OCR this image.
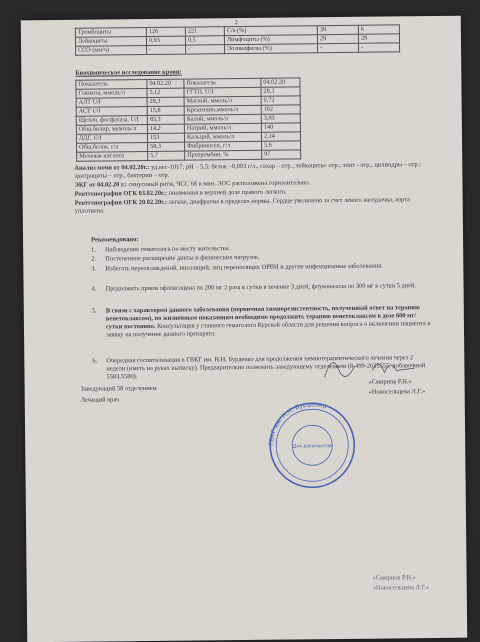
2
Тромбоциты	126	221	С/я (%)	38	6
Лейкоциты	0,93	0,5	Лимфоциты (%)	29	29
СОЭ (мм/ч)	-	-	Эозинофилы (%)	-	-
Биохимическое исследование крови:
Показатель	04.02.20	Показатель	04.02.20
Глюкоза, ммоль/л	5,12	ГГТП, U/I	28,3
АЛТ U/I	28,3	Магний, ммоль/л	0,72
АСТ U/I	15,8	Креатинин,ммоль/л	102
Щелоч. фосфатаза, U/I	83,3	Калий, ммоль/л	3,93
Общ.билир, мкмоль/л	14,2	Натрий, ммоль/л	140
ЛДГ, U/I	153	Кальций, ммоль/л	2,14
Общ.белок, г/л	58,3	Фибриноген, г/л	5,6
Мочевая кислота	5,7	Протромбин, %	97
Анализ мочи от 04.02.20г.: уд.вес-1017; рН – 5,5; белок –0,093 г/л., сахар – отр., лейкоциты- отр.; эпит - отр.; цилиндры – отр.; эритроциты – отр., бактерии – отр.
ЭКГ от 04.02.20 г.: синусовый ритм, ЧСС 68 в мин. ЭОС расположена горизонтально.
Рентгенография ОГК 03.02.20г.: пневмония в верхней доле правого легкого.
Рентгенография ОГК 20.02.20г.: легкие, диафрагма в пределах нормы. Сердце увеличено за счет левого желудочка, аорта уплотнена.
Рекомендовано:
1. Наблюдение гематолога по месту жительства.
2. Постепенное расширение диеты и физических нагрузок.
3. Избегать переохлаждений, инсоляций, лиц переносящих ОРВИ и другие инфекционные заболевания.
4. Продолжить прием офлоксацина по 200 мг 2 раза в сутки в течение 3 дней, флуконазола по 300 мг в сутки 5 дней.
5. В связи с характером данного заболевания (первичная химиорезистентность, полученный ответ на терапию венетоклаксом), по жизненным показаниям необходимо продолжить терапию венетоклаксом в дозе 600 мг/сутки постоянно. Консультация у главного гематолога Курской области для решения вопроса о включении пациента в заявку на получение данного препарата.
6. Очередная госпитализация в ГВКГ им. Н.Н. Бурденко для продолжения химиотерапевтического лечения через 2 недели (иметь на руках выписку). Предварительно позвонить заведующему отделением (8-499-2635555, добавочный 5583,5580).
Заведующий 58 отделением
Лечащий врач
«Смирнов Р.Н.»
«Новосельцева Л.Г.»
ГВКГ им. Н.Н. Бурденко
Для документов
«Смирнов Р.Н.»
«Новосельцева Л.Г.»
